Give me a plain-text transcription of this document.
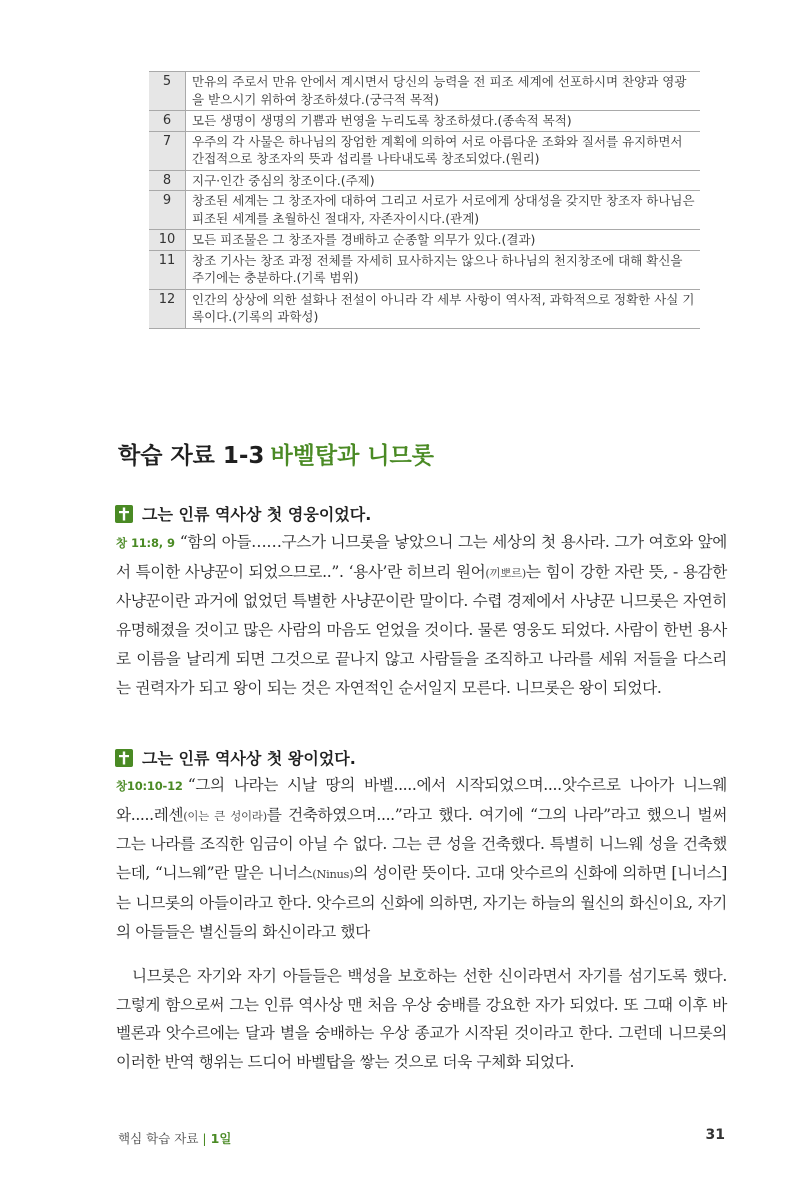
5	만유의 주로서 만유 안에서 계시면서 당신의 능력을 전 피조 세계에 선포하시며 찬양과 영광을 받으시기 위하여 창조하셨다.(궁극적 목적)
6	모든 생명이 생명의 기쁨과 번영을 누리도록 창조하셨다.(종속적 목적)
7	우주의 각 사물은 하나님의 장엄한 계획에 의하여 서로 아름다운 조화와 질서를 유지하면서 간접적으로 창조자의 뜻과 섭리를 나타내도록 창조되었다.(원리)
8	지구·인간 중심의 창조이다.(주제)
9	창조된 세계는 그 창조자에 대하여 그리고 서로가 서로에게 상대성을 갖지만 창조자 하나님은 피조된 세계를 초월하신 절대자, 자존자이시다.(관계)
10	모든 피조물은 그 창조자를 경배하고 순종할 의무가 있다.(결과)
11	창조 기사는 창조 과정 전체를 자세히 묘사하지는 않으나 하나님의 천지창조에 대해 확신을 주기에는 충분하다.(기록 범위)
12	인간의 상상에 의한 설화나 전설이 아니라 각 세부 사항이 역사적, 과학적으로 정확한 사실 기록이다.(기록의 과학성)
학습 자료 1-3 바벨탑과 니므롯
그는 인류 역사상 첫 영웅이었다.

창 11:8, 9 “함의 아들……구스가 니므롯을 낳았으니 그는 세상의 첫 용사라. 그가 여호와 앞에서 특이한 사냥꾼이 되었으므로..”. ‘용사’란 히브리 원어(끼뽀르)는 힘이 강한 자란 뜻, - 용감한 사냥꾼이란 과거에 없었던 특별한 사냥꾼이란 말이다. 수렵 경제에서 사냥꾼 니므롯은 자연히 유명해졌을 것이고 많은 사람의 마음도 얻었을 것이다. 물론 영웅도 되었다. 사람이 한번 용사로 이름을 날리게 되면 그것으로 끝나지 않고 사람들을 조직하고 나라를 세워 저들을 다스리는 권력자가 되고 왕이 되는 것은 자연적인 순서일지 모른다. 니므롯은 왕이 되었다.

그는 인류 역사상 첫 왕이었다.

창10:10-12 “그의 나라는 시날 땅의 바벨.....에서 시작되었으며....앗수르로 나아가 니느웨와.....레센(이는 큰 성이라)를 건축하였으며....”라고 했다. 여기에 “그의 나라”라고 했으니 벌써 그는 나라를 조직한 임금이 아닐 수 없다. 그는 큰 성을 건축했다. 특별히 니느웨 성을 건축했는데, “니느웨”란 말은 니너스(Ninus)의 성이란 뜻이다. 고대 앗수르의 신화에 의하면 [니너스]는 니므롯의 아들이라고 한다. 앗수르의 신화에 의하면, 자기는 하늘의 월신의 화신이요, 자기의 아들들은 별신들의 화신이라고 했다

니므롯은 자기와 자기 아들들은 백성을 보호하는 선한 신이라면서 자기를 섬기도록 했다. 그렇게 함으로써 그는 인류 역사상 맨 처음 우상 숭배를 강요한 자가 되었다. 또 그때 이후 바벨론과 앗수르에는 달과 별을 숭배하는 우상 종교가 시작된 것이라고 한다. 그런데 니므롯의 이러한 반역 행위는 드디어 바벨탑을 쌓는 것으로 더욱 구체화 되었다.

핵심 학습 자료 | 1일	31
